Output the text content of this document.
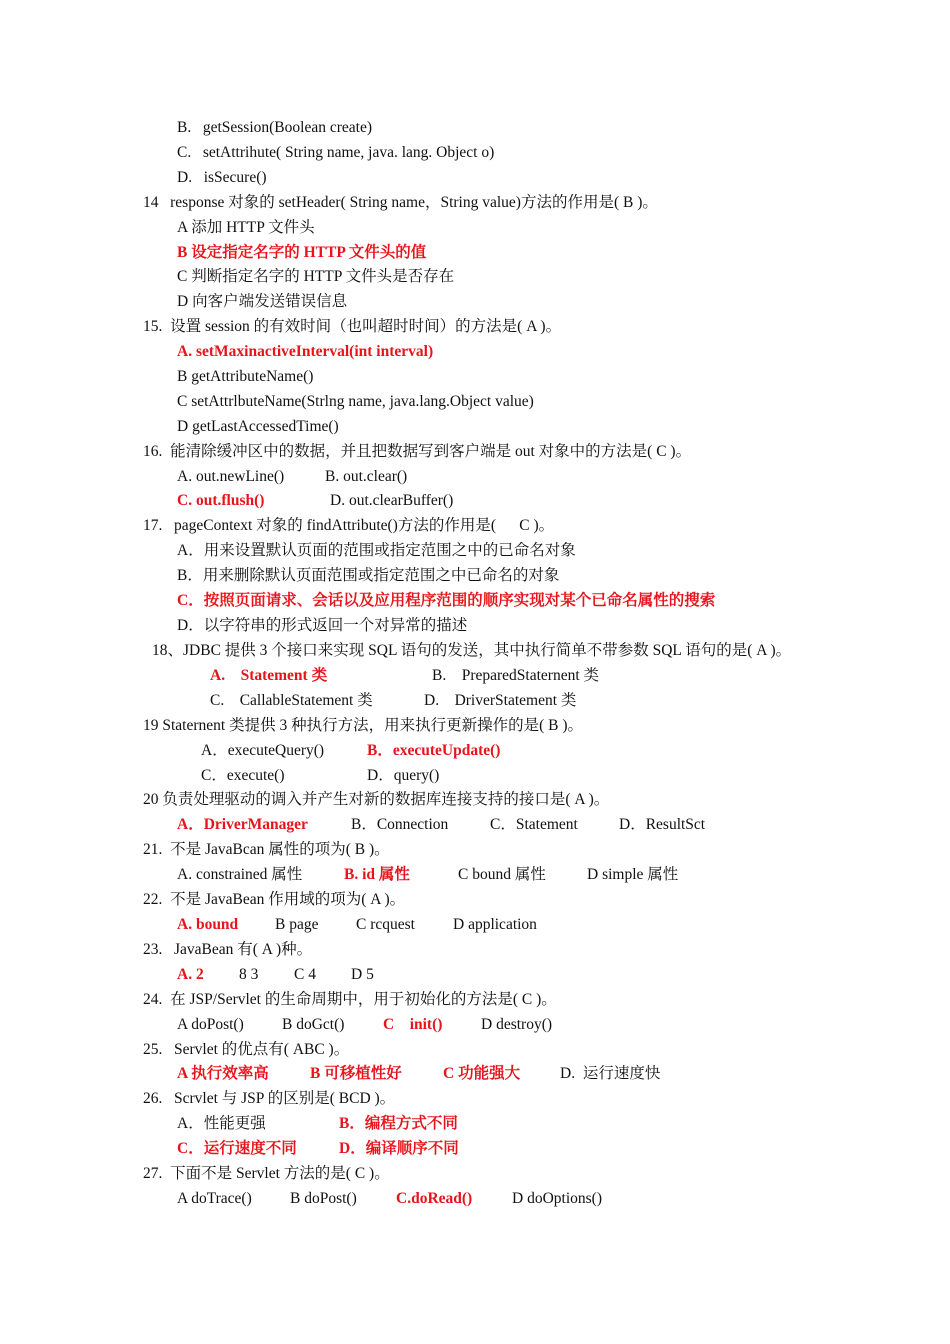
B.   getSession(Boolean create)
C.   setAttrihute( String name, java. lang. Object o)
D.   isSecure()
14   response 对象的 setHeader( String name，String value)方法的作用是( B )。
A 添加 HTTP 文件头
B 设定指定名字的 HTTP 文件头的值
C 判断指定名字的 HTTP 文件头是否存在
D 向客户端发送错误信息
15.  设置 session 的有效时间（也叫超时时间）的方法是( A )。
A. setMaxinactiveInterval(int interval)
B getAttributeName()
C setAttrlbuteName(Strlng name, java.lang.Object value)
D getLastAccessedTime()
16.  能清除缓冲区中的数据，并且把数据写到客户端是 out 对象中的方法是( C )。
A. out.newLine()	B. out.clear()
C. out.flush()	D. out.clearBuffer()
17.   pageContext 对象的 findAttribute()方法的作用是(      C )。
A．用来设置默认页面的范围或指定范围之中的已命名对象
B．用来删除默认页面范围或指定范围之中已命名的对象
C．按照页面请求、会话以及应用程序范围的顺序实现对某个已命名属性的搜索
D．以字符串的形式返回一个对异常的描述
18、JDBC 提供 3 个接口来实现 SQL 语句的发送，其中执行简单不带参数 SQL 语句的是( A )。
A.    Statement 类	B.    PreparedStaternent 类
C.    CallableStatement 类	D.    DriverStatement 类
19 Staternent 类提供 3 种执行方法，用来执行更新操作的是( B )。
A．executeQuery()	B．executeUpdate()
C．execute()	D．query()
20 负责处理驱动的调入并产生对新的数据库连接支持的接口是( A )。
A．DriverManager	B．Connection	C．Statement	D．ResultSct
21.  不是 JavaBcan 属性的项为( B )。
A. constrained 属性	B. id 属性	C bound 属性	D simple 属性
22.  不是 JavaBean 作用域的项为( A )。
A. bound B page C rcquest D application
23.   JavaBean 有( A )种。
A. 2 8 3 C 4 D 5
24.  在 JSP/Servlet 的生命周期中，用于初始化的方法是( C )。
A doPost() B doGct() C    init() D destroy()
25.   Servlet 的优点有( ABC )。
A 执行效率高	B 可移植性好	C 功能强大	D.  运行速度快
26.   Scrvlet 与 JSP 的区别是( BCD )。
A．性能更强	B．编程方式不同
C．运行速度不同	D．编译顺序不同
27.  下面不是 Servlet 方法的是( C )。
A doTrace() B doPost()	C.doRead()	D doOptions()
